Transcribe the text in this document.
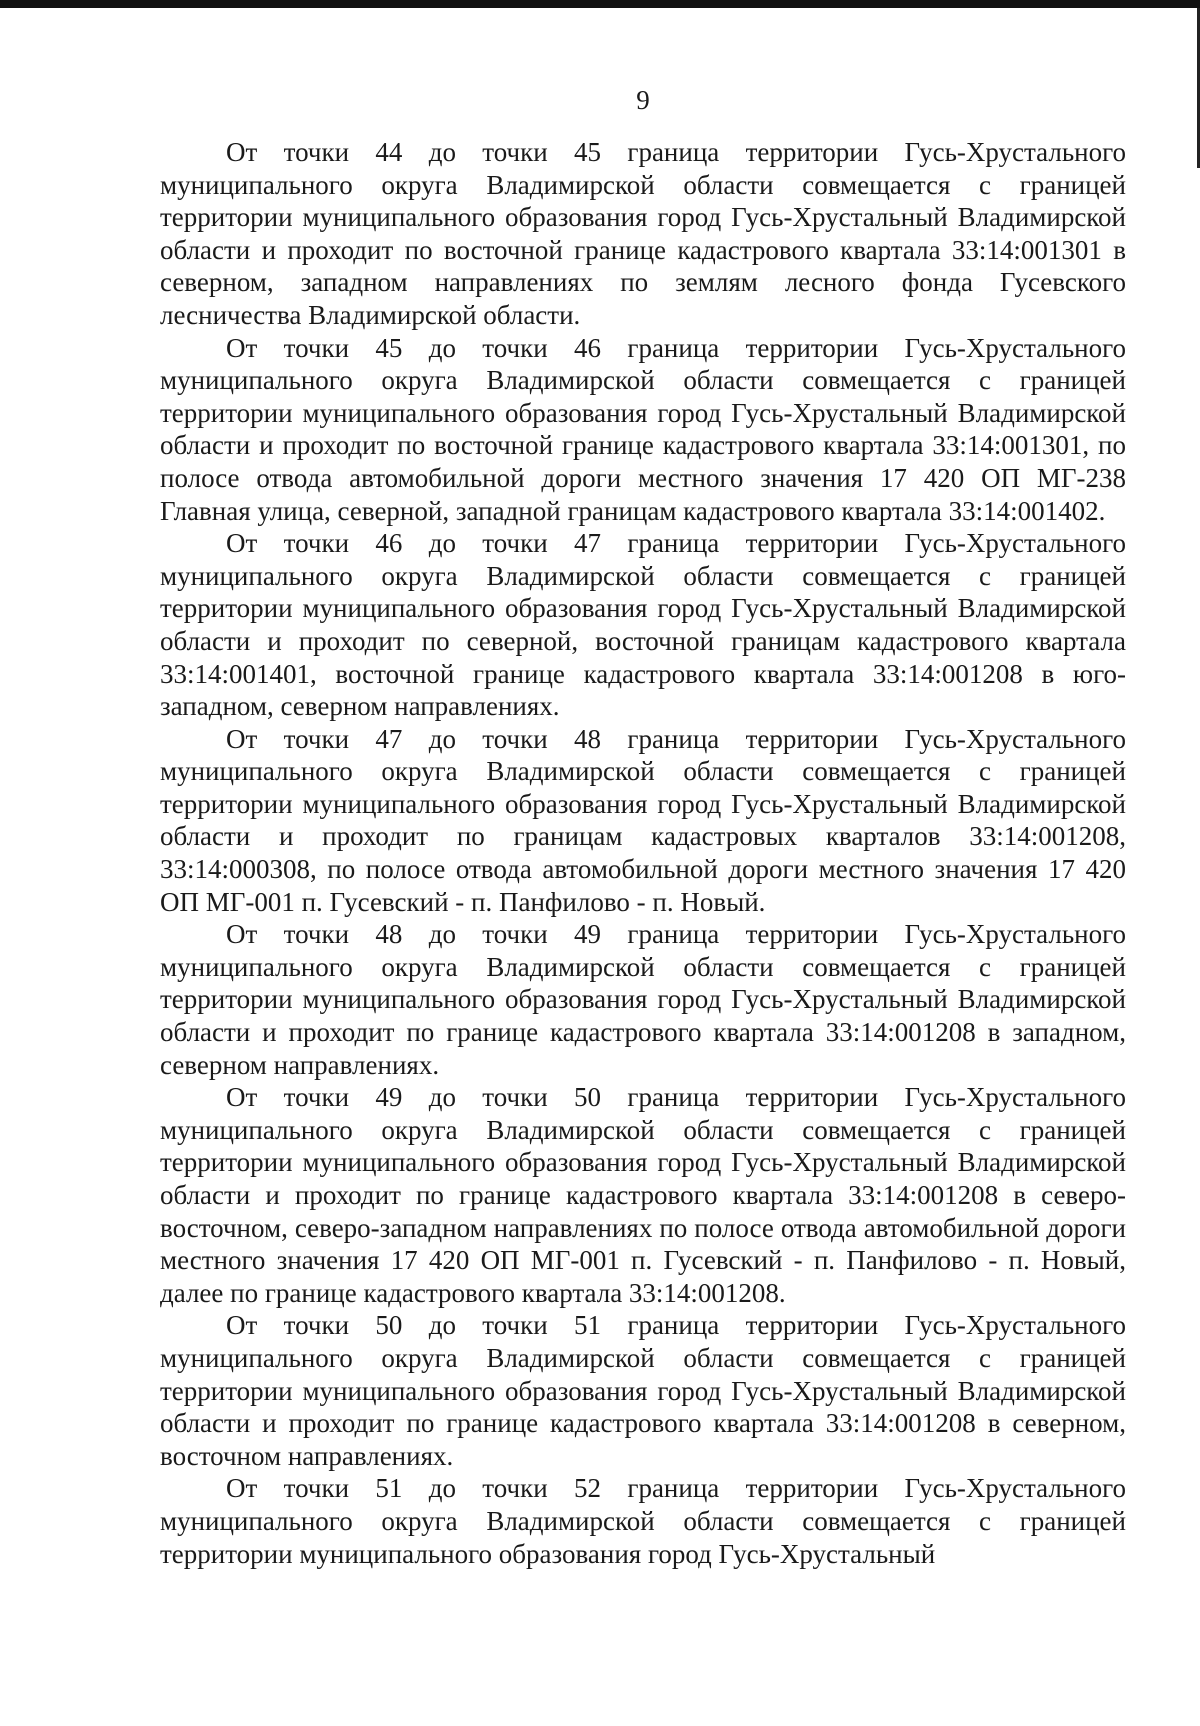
9

От точки 44 до точки 45 граница территории Гусь-Хрустального муниципального округа Владимирской области совмещается с границей территории муниципального образования город Гусь-Хрустальный Владимирской области и проходит по восточной границе кадастрового квартала 33:14:001301 в северном, западном направлениях по землям лесного фонда Гусевского лесничества Владимирской области.

От точки 45 до точки 46 граница территории Гусь-Хрустального муниципального округа Владимирской области совмещается с границей территории муниципального образования город Гусь-Хрустальный Владимирской области и проходит по восточной границе кадастрового квартала 33:14:001301, по полосе отвода автомобильной дороги местного значения 17 420 ОП МГ-238 Главная улица, северной, западной границам кадастрового квартала 33:14:001402.

От точки 46 до точки 47 граница территории Гусь-Хрустального муниципального округа Владимирской области совмещается с границей территории муниципального образования город Гусь-Хрустальный Владимирской области и проходит по северной, восточной границам кадастрового квартала 33:14:001401, восточной границе кадастрового квартала 33:14:001208 в юго-западном, северном направлениях.

От точки 47 до точки 48 граница территории Гусь-Хрустального муниципального округа Владимирской области совмещается с границей территории муниципального образования город Гусь-Хрустальный Владимирской области и проходит по границам кадастровых кварталов 33:14:001208, 33:14:000308, по полосе отвода автомобильной дороги местного значения 17 420 ОП МГ-001 п. Гусевский - п. Панфилово - п. Новый.

От точки 48 до точки 49 граница территории Гусь-Хрустального муниципального округа Владимирской области совмещается с границей территории муниципального образования город Гусь-Хрустальный Владимирской области и проходит по границе кадастрового квартала 33:14:001208 в западном, северном направлениях.

От точки 49 до точки 50 граница территории Гусь-Хрустального муниципального округа Владимирской области совмещается с границей территории муниципального образования город Гусь-Хрустальный Владимирской области и проходит по границе кадастрового квартала 33:14:001208 в северо-восточном, северо-западном направлениях по полосе отвода автомобильной дороги местного значения 17 420 ОП МГ-001 п. Гусевский - п. Панфилово - п. Новый, далее по границе кадастрового квартала 33:14:001208.

От точки 50 до точки 51 граница территории Гусь-Хрустального муниципального округа Владимирской области совмещается с границей территории муниципального образования город Гусь-Хрустальный Владимирской области и проходит по границе кадастрового квартала 33:14:001208 в северном, восточном направлениях.

От точки 51 до точки 52 граница территории Гусь-Хрустального муниципального округа Владимирской области совмещается с границей территории муниципального образования город Гусь-Хрустальный
